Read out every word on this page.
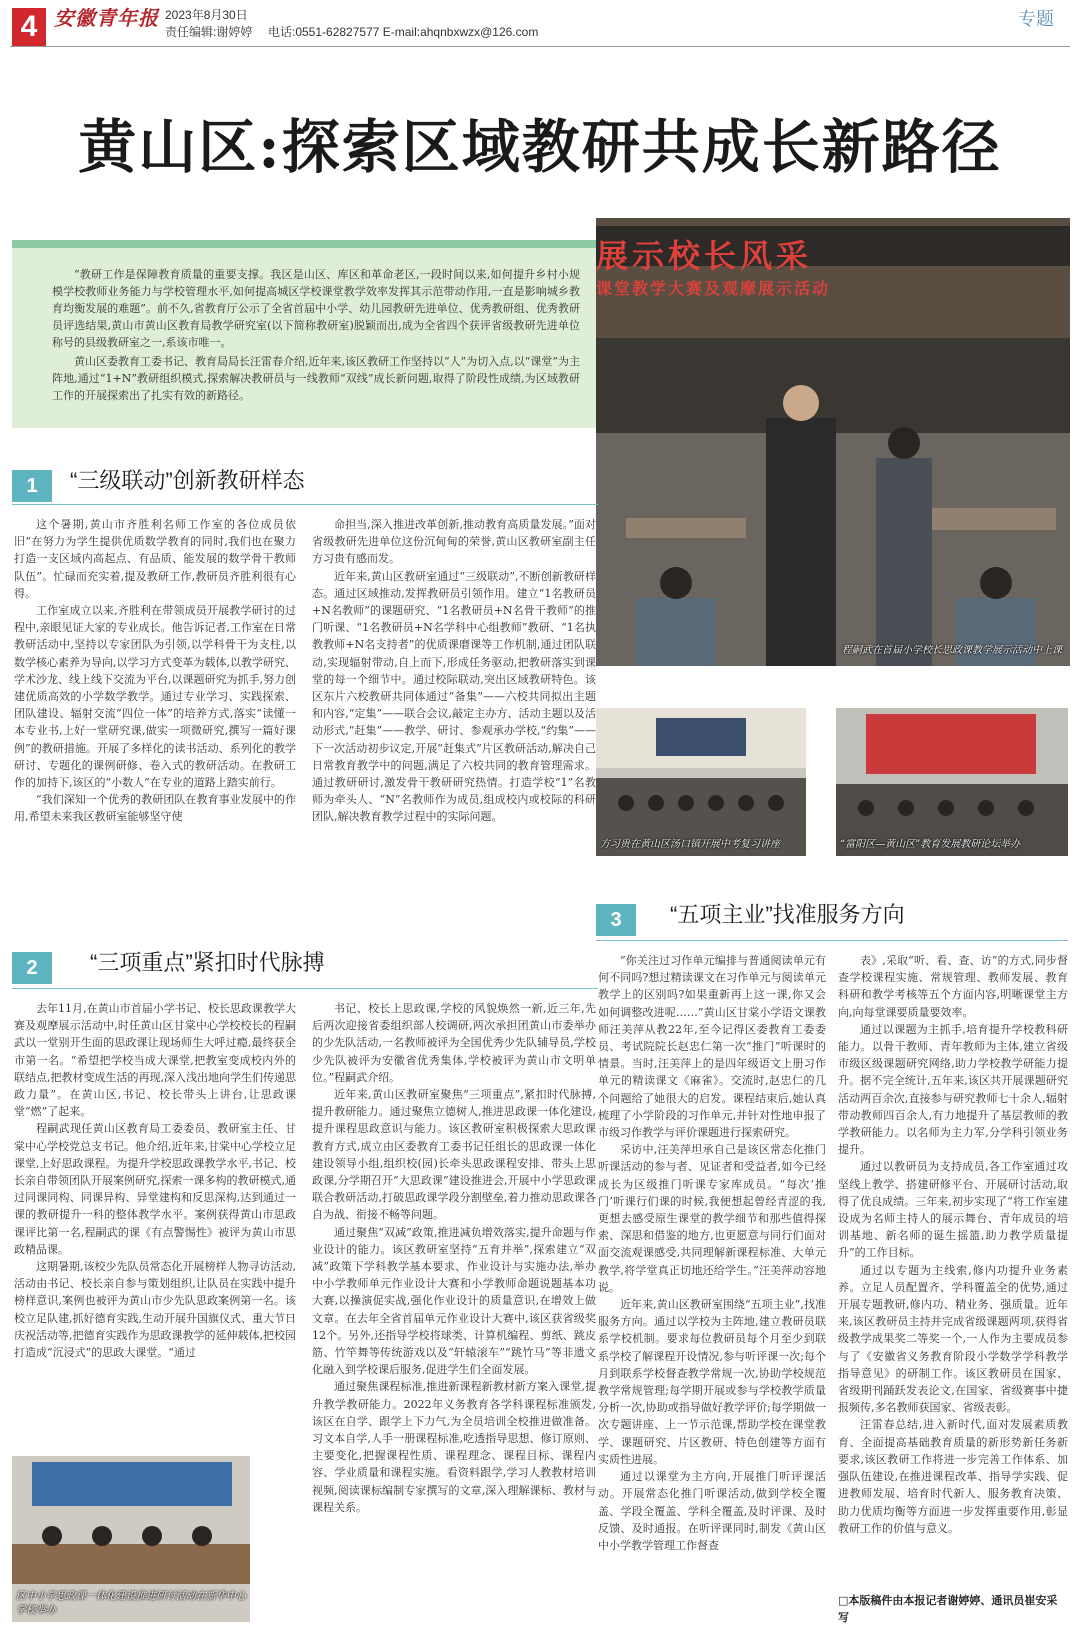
4 安徽青年报 2023年8月30日
责任编辑:谢婷婷 电话:0551-62827577 E-mail:ahqnbxwzx@126.com
专题
黄山区:探索区域教研共成长新路径

“教研工作是保障教育质量的重要支撑。我区是山区、库区和革命老区,一段时间以来,如何提升乡村小规模学校教师业务能力与学校管理水平,如何提高城区学校课堂教学效率发挥其示范带动作用,一直是影响城乡教育均衡发展的难题”。前不久,省教育厅公示了全省首届中小学、幼儿园教研先进单位、优秀教研组、优秀教研员评选结果,黄山市黄山区教育局教学研究室(以下简称教研室)脱颖而出,成为全省四个获评省级教研先进单位称号的县级教研室之一,系该市唯一。

黄山区委教育工委书记、教育局局长汪雷春介绍,近年来,该区教研工作坚持以“人”为切入点,以“课堂”为主阵地,通过“1+N”教研组织模式,探索解决教研员与一线教师“双线”成长新问题,取得了阶段性成绩,为区域教研工作的开展探索出了扎实有效的新路径。

展示校长风采
课堂教学大赛及观摩展示活动
程嗣武在首届小学校长思政课教学展示活动中上课
方习贵在黄山区汤口镇开展中考复习讲座	“富阳区—黄山区”教育发展教研论坛举办
区中小学思政课一体化建设推进研讨活动在新华中心学校举办
1	“三级联动”创新教研样态

这个暑期,黄山市齐胜利名师工作室的各位成员依旧“在努力为学生提供优质数学教育的同时,我们也在聚力打造一支区域内高起点、有品质、能发展的数学骨干教师队伍”。忙碌而充实着,提及教研工作,教研员齐胜利很有心得。

工作室成立以来,齐胜利在带领成员开展教学研讨的过程中,亲眼见证大家的专业成长。他告诉记者,工作室在日常教研活动中,坚持以专家团队为引领,以学科骨干为支柱,以数学核心素养为导向,以学习方式变革为载体,以教学研究、学术沙龙、线上线下交流为平台,以课题研究为抓手,努力创建优质高效的小学数学教学。通过专业学习、实践探索、团队建设、辐射交流“四位一体”的培养方式,落实“读懂一本专业书,上好一堂研究课,做实一项微研究,撰写一篇好课例”的教研措施。开展了多样化的读书活动、系列化的教学研讨、专题化的课例研修、卷入式的教研活动。在教研工作的加持下,该区的“小数人”在专业的道路上踏实前行。

“我们深知一个优秀的教研团队在教育事业发展中的作用,希望未来我区教研室能够坚守使

命担当,深入推进改革创新,推动教育高质量发展。”面对省级教研先进单位这份沉甸甸的荣誉,黄山区教研室副主任方习贵有感而发。

近年来,黄山区教研室通过“三级联动”,不断创新教研样态。通过区域推动,发挥教研员引领作用。建立“1名教研员+N名教师”的课题研究、“1名教研员+N名骨干教师”的推门听课、“1名教研员+N名学科中心组教师”教研、“1名执教教师+N名支持者”的优质课磨课等工作机制,通过团队联动,实现辐射带动,自上而下,形成任务驱动,把教研落实到课堂的每一个细节中。通过校际联动,突出区域教研特色。该区东片六校教研共同体通过“备集”——六校共同拟出主题和内容,“定集”——联合会议,敲定主办方、活动主题以及活动形式,“赶集”——教学、研讨、参观承办学校,“约集”——下一次活动初步议定,开展“赶集式”片区教研活动,解决自己日常教育教学中的问题,满足了六校共同的教育管理需求。通过教研研讨,激发骨干教研研究热情。打造学校“1”名教师为牵头人、“N”名教师作为成员,组成校内或校际的科研团队,解决教育教学过程中的实际问题。

2	“三项重点”紧扣时代脉搏

去年11月,在黄山市首届小学书记、校长思政课教学大赛及观摩展示活动中,时任黄山区甘棠中心学校校长的程嗣武以一堂别开生面的思政课让现场师生大呼过瘾,最终获全市第一名。“希望把学校当成大课堂,把教室变成校内外的联结点,把教材变成生活的再现,深入浅出地向学生们传递思政力量”。在黄山区,书记、校长带头上讲台,让思政课堂“燃”了起来。

程嗣武现任黄山区教育局工委委员、教研室主任、甘棠中心学校党总支书记。他介绍,近年来,甘棠中心学校立足课堂,上好思政课程。为提升学校思政课教学水平,书记、校长亲自带领团队开展案例研究,探索一课多构的教研模式,通过同课同构、同课异构、异堂建构和反思深构,达到通过一课的教研提升一科的整体教学水平。案例获得黄山市思政课评比第一名,程嗣武的课《有点警惕性》被评为黄山市思政精品课。

这期暑期,该校少先队员常态化开展榜样人物寻访活动,活动由书记、校长亲自参与策划组织,让队员在实践中提升榜样意识,案例也被评为黄山市少先队思政案例第一名。该校立足队建,抓好德育实践,生动开展升国旗仪式、重大节日庆祝活动等,把德育实践作为思政课教学的延伸载体,把校园打造成“沉浸式”的思政大课堂。“通过

书记、校长上思政课,学校的风貌焕然一新,近三年,先后两次迎接省委组织部人校调研,两次承担团黄山市委举办的少先队活动,一名教师被评为全国优秀少先队辅导员,学校少先队被评为安徽省优秀集体,学校被评为黄山市文明单位。”程嗣武介绍。

近年来,黄山区教研室聚焦“三项重点”,紧扣时代脉搏,提升教研能力。通过聚焦立德树人,推进思政课一体化建设,提升课程思政意识与能力。该区教研室积极探索大思政课教育方式,成立由区委教育工委书记任组长的思政课一体化建设领导小组,组织校(园)长牵头思政课程安排、带头上思政课,分学期召开“大思政课”建设推进会,开展中小学思政课联合教研活动,打破思政课学段分割壁垒,着力推动思政课各自为战、衔接不畅等问题。

通过聚焦“双减”政策,推进减负增效落实,提升命题与作业设计的能力。该区教研室坚持“五育并举”,探索建立“双减”政策下学科教学基本要求、作业设计与实施办法,举办中小学教师单元作业设计大赛和小学教师命题说题基本功大赛,以操演促实战,强化作业设计的质量意识,在增效上做文章。在去年全省首届单元作业设计大赛中,该区获省级奖12个。另外,还指导学校将球类、计算机编程、剪纸、跳皮筋、竹竿舞等传统游戏以及“轩辕滚车”“跳竹马”等非遗文化融入到学校课后服务,促进学生们全面发展。

通过聚焦课程标准,推进新课程新教材新方案入课堂,提升教学教研能力。2022年义务教育各学科课程标准颁发,该区在自学、跟学上下力气,为全员培训全校推进做准备。习文本自学,人手一册课程标准,吃透指导思想、修订原则、主要变化,把握课程性质、课程理念、课程目标、课程内容、学业质量和课程实施。看资料跟学,学习人教教材培训视频,阅读课标编制专家撰写的文章,深入理解课标、教材与课程关系。

3	“五项主业”找准服务方向

“你关注过习作单元编排与普通阅读单元有何不同吗?想过精读课文在习作单元与阅读单元教学上的区别吗?如果重新再上这一课,你又会如何调整改进呢……”黄山区甘棠小学语文课教师汪美萍从教22年,至今记得区委教育工委委员、考试院院长赵忠仁第一次“推门”听课时的情景。当时,汪美萍上的是四年级语文上册习作单元的精读课文《麻雀》。交流时,赵忠仁的几个问题给了她很大的启发。课程结束后,她认真梳理了小学阶段的习作单元,并针对性地申报了市级习作教学与评价课题进行探索研究。

采访中,汪美萍坦承自己是该区常态化推门听课活动的参与者、见证者和受益者,如今已经成长为区级推门听课专家库成员。“每次‘推门’听课行们课的时候,我便想起曾经青涩的我,更想去感受原生课堂的教学细节和那些值得探索、深思和借鉴的地方,也更愿意与同行们面对面交流观课感受,共同理解新课程标准、大单元教学,将学堂真正切地还给学生。”汪美萍动容地说。

近年来,黄山区教研室围绕“五项主业”,找准服务方向。通过以学校为主阵地,建立教研员联系学校机制。要求每位教研员每个月至少到联系学校了解课程开设情况,参与听评课一次;每个月到联系学校督查教学常规一次,协助学校规范教学常规管理;每学期开展或参与学校教学质量分析一次,协助或指导做好教学评价;每学期做一次专题讲座、上一节示范课,帮助学校在课堂教学、课题研究、片区教研、特色创建等方面有实质性进展。

通过以课堂为主方向,开展推门听评课活动。开展常态化推门听课活动,做到学校全覆盖、学段全覆盖、学科全覆盖,及时评课、及时反馈、及时通报。在听评课同时,制发《黄山区中小学教学管理工作督查

表》,采取“听、看、查、访”的方式,同步督查学校课程实施、常规管理、教师发展、教育科研和教学考核等五个方面内容,明晰课堂主方向,向每堂课要质量要效率。

通过以课题为主抓手,培育提升学校教科研能力。以骨干教师、青年教师为主体,建立省级市级区级课题研究网络,助力学校教学研能力提升。据不完全统计,五年来,该区共开展课题研究活动两百余次,直接参与研究教师七十余人,辐射带动教师四百余人,有力地提升了基层教师的教学教研能力。以名师为主力军,分学科引领业务提升。

通过以教研员为支持成员,各工作室通过攻坚线上教学、搭建研修平台、开展研讨活动,取得了优良成绩。三年来,初步实现了“将工作室建设成为名师主持人的展示舞台、青年成员的培训基地、新名师的诞生摇篮,助力教学质量提升”的工作目标。

通过以专题为主线索,修内功提升业务素养。立足人员配置齐、学科覆盖全的优势,通过开展专题教研,修内功、精业务、强质量。近年来,该区教研员主持并完成省级课题两项,获得省级教学成果奖二等奖一个,一人作为主要成员参与了《安徽省义务教育阶段小学数学学科教学指导意见》的研制工作。该区教研员在国家、省级期刊踊跃发表论文,在国家、省级赛事中捷报频传,多名教师获国家、省级表彰。

汪雷春总结,进入新时代,面对发展素质教育、全面提高基础教育质量的新形势新任务新要求,该区教研工作将进一步完善工作体系、加强队伍建设,在推进课程改革、指导学实践、促进教师发展、培育时代新人、服务教育决策、助力优质均衡等方面进一步发挥重要作用,彰显教研工作的价值与意义。

□本版稿件由本报记者谢婷婷、通讯员崔安采写
